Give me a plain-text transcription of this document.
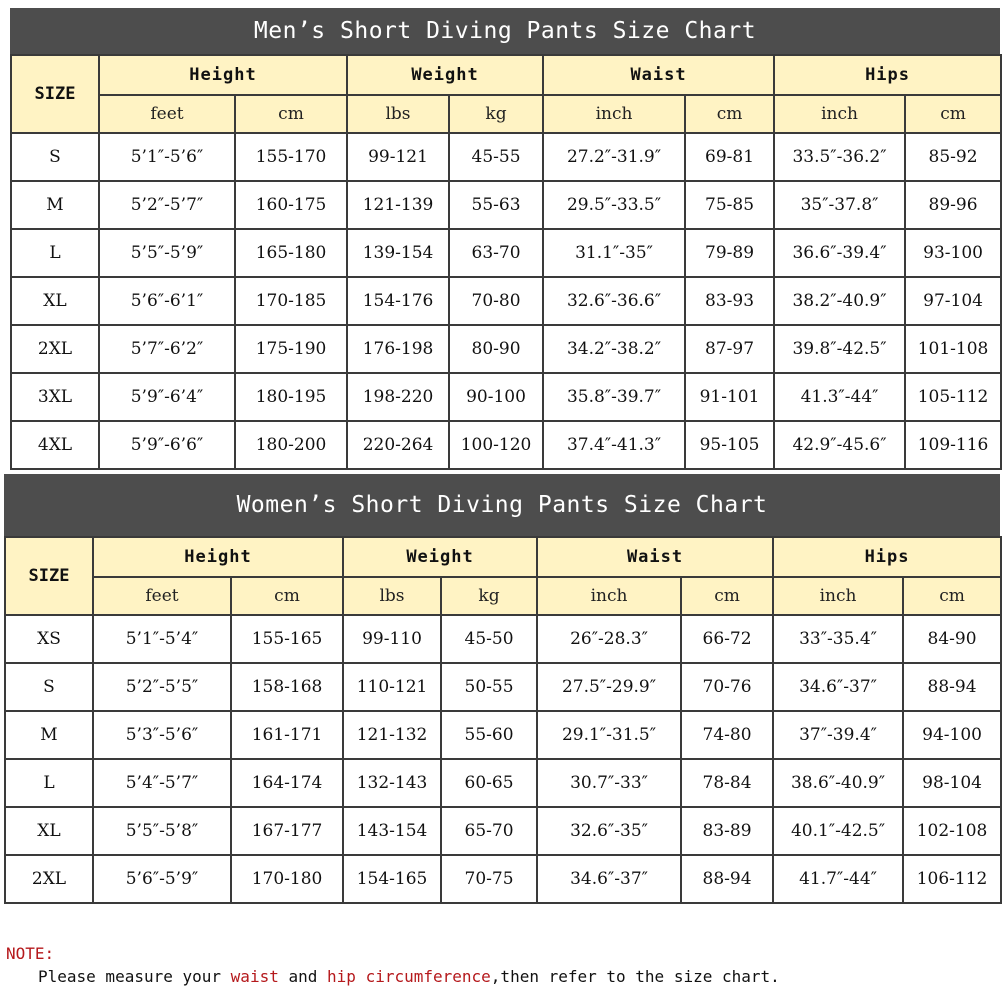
Men’s Short Diving Pants Size Chart
SIZE	Height		Weight		Waist		Hips	
	feet	cm	lbs	kg	inch	cm	inch	cm
S	5’1″-5’6″	155-170	99-121	45-55	27.2″-31.9″	69-81	33.5″-36.2″	85-92
M	5’2″-5’7″	160-175	121-139	55-63	29.5″-33.5″	75-85	35″-37.8″	89-96
L	5’5″-5’9″	165-180	139-154	63-70	31.1″-35″	79-89	36.6″-39.4″	93-100
XL	5’6″-6’1″	170-185	154-176	70-80	32.6″-36.6″	83-93	38.2″-40.9″	97-104
2XL	5’7″-6’2″	175-190	176-198	80-90	34.2″-38.2″	87-97	39.8″-42.5″	101-108
3XL	5’9″-6’4″	180-195	198-220	90-100	35.8″-39.7″	91-101	41.3″-44″	105-112
4XL	5’9″-6’6″	180-200	220-264	100-120	37.4″-41.3″	95-105	42.9″-45.6″	109-116
Women’s Short Diving Pants Size Chart
SIZE	Height		Weight		Waist		Hips	
	feet	cm	lbs	kg	inch	cm	inch	cm
XS	5’1″-5’4″	155-165	99-110	45-50	26″-28.3″	66-72	33″-35.4″	84-90
S	5’2″-5’5″	158-168	110-121	50-55	27.5″-29.9″	70-76	34.6″-37″	88-94
M	5’3″-5’6″	161-171	121-132	55-60	29.1″-31.5″	74-80	37″-39.4″	94-100
L	5’4″-5’7″	164-174	132-143	60-65	30.7″-33″	78-84	38.6″-40.9″	98-104
XL	5’5″-5’8″	167-177	143-154	65-70	32.6″-35″	83-89	40.1″-42.5″	102-108
2XL	5’6″-5’9″	170-180	154-165	70-75	34.6″-37″	88-94	41.7″-44″	106-112
NOTE:
Please measure your waist and hip circumference,then refer to the size chart.
